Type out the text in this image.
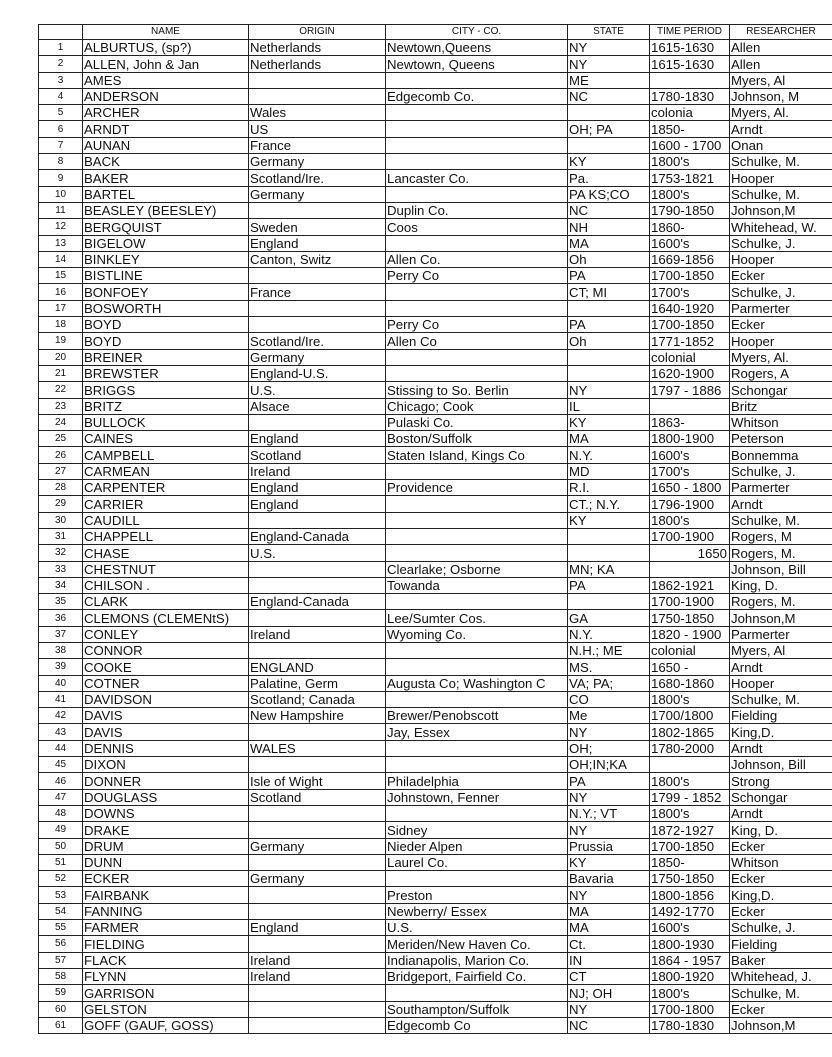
	NAME	ORIGIN	CITY - CO.	STATE	TIME PERIOD	RESEARCHER
1	ALBURTUS, (sp?)	Netherlands	Newtown,Queens	NY	1615-1630	Allen
2	ALLEN, John & Jan	Netherlands	Newtown, Queens	NY	1615-1630	Allen
3	AMES			ME		Myers, Al
4	ANDERSON		Edgecomb Co.	NC	1780-1830	Johnson, M
5	ARCHER	Wales			colonia	Myers, Al.
6	ARNDT	US		OH; PA	1850-	Arndt
7	AUNAN	France			1600 - 1700	Onan
8	BACK	Germany		KY	1800's	Schulke, M.
9	BAKER	Scotland/Ire.	Lancaster Co.	Pa.	1753-1821	Hooper
10	BARTEL	Germany		PA KS;CO	1800's	Schulke, M.
11	BEASLEY (BEESLEY)		Duplin Co.	NC	1790-1850	Johnson,M
12	BERGQUIST	Sweden	Coos	NH	1860-	Whitehead, W.
13	BIGELOW	England		MA	1600's	Schulke, J.
14	BINKLEY	Canton, Switz	Allen Co.	Oh	1669-1856	Hooper
15	BISTLINE		Perry Co	PA	1700-1850	Ecker
16	BONFOEY	France		CT; MI	1700's	Schulke, J.
17	BOSWORTH				1640-1920	Parmerter
18	BOYD		Perry Co	PA	1700-1850	Ecker
19	BOYD	Scotland/Ire.	Allen Co	Oh	1771-1852	Hooper
20	BREINER	Germany			colonial	Myers, Al.
21	BREWSTER	England-U.S.			1620-1900	Rogers, A
22	BRIGGS	U.S.	Stissing to So. Berlin	NY	1797 - 1886	Schongar
23	BRITZ	Alsace	Chicago; Cook	IL		Britz
24	BULLOCK		Pulaski Co.	KY	1863-	Whitson
25	CAINES	England	Boston/Suffolk	MA	1800-1900	Peterson
26	CAMPBELL	Scotland	Staten Island, Kings Co	N.Y.	1600's	Bonnemma
27	CARMEAN	Ireland		MD	1700's	Schulke, J.
28	CARPENTER	England	Providence	R.I.	1650 - 1800	Parmerter
29	CARRIER	England		CT.; N.Y.	1796-1900	Arndt
30	CAUDILL			KY	1800's	Schulke, M.
31	CHAPPELL	England-Canada			1700-1900	Rogers, M
32	CHASE	U.S.			1650	Rogers, M.
33	CHESTNUT		Clearlake; Osborne	MN; KA		Johnson, Bill
34	CHILSON .		Towanda	PA	1862-1921	King, D.
35	CLARK	England-Canada			1700-1900	Rogers, M.
36	CLEMONS (CLEMENtS)		Lee/Sumter Cos.	GA	1750-1850	Johnson,M
37	CONLEY	Ireland	Wyoming Co.	N.Y.	1820 - 1900	Parmerter
38	CONNOR			N.H.; ME	colonial	Myers, Al
39	COOKE	ENGLAND		MS.	1650 -	Arndt
40	COTNER	Palatine, Germ	Augusta Co; Washington C	VA; PA;	1680-1860	Hooper
41	DAVIDSON	Scotland; Canada		CO	1800's	Schulke, M.
42	DAVIS	New Hampshire	Brewer/Penobscott	Me	1700/1800	Fielding
43	DAVIS		Jay, Essex	NY	1802-1865	King,D.
44	DENNIS	WALES		OH;	1780-2000	Arndt
45	DIXON			OH;IN;KA		Johnson, Bill
46	DONNER	Isle of Wight	Philadelphia	PA	1800's	Strong
47	DOUGLASS	Scotland	Johnstown, Fenner	NY	1799 - 1852	Schongar
48	DOWNS			N.Y.; VT	1800's	Arndt
49	DRAKE		Sidney	NY	1872-1927	King, D.
50	DRUM	Germany	Nieder Alpen	Prussia	1700-1850	Ecker
51	DUNN		Laurel Co.	KY	1850-	Whitson
52	ECKER	Germany		Bavaria	1750-1850	Ecker
53	FAIRBANK		Preston	NY	1800-1856	King,D.
54	FANNING		Newberry/ Essex	MA	1492-1770	Ecker
55	FARMER	England	U.S.	MA	1600's	Schulke, J.
56	FIELDING		Meriden/New Haven Co.	Ct.	1800-1930	Fielding
57	FLACK	Ireland	Indianapolis, Marion Co.	IN	1864 - 1957	Baker
58	FLYNN	Ireland	Bridgeport, Fairfield Co.	CT	1800-1920	Whitehead, J.
59	GARRISON			NJ; OH	1800's	Schulke, M.
60	GELSTON		Southampton/Suffolk	NY	1700-1800	Ecker
61	GOFF (GAUF, GOSS)		Edgecomb Co	NC	1780-1830	Johnson,M
